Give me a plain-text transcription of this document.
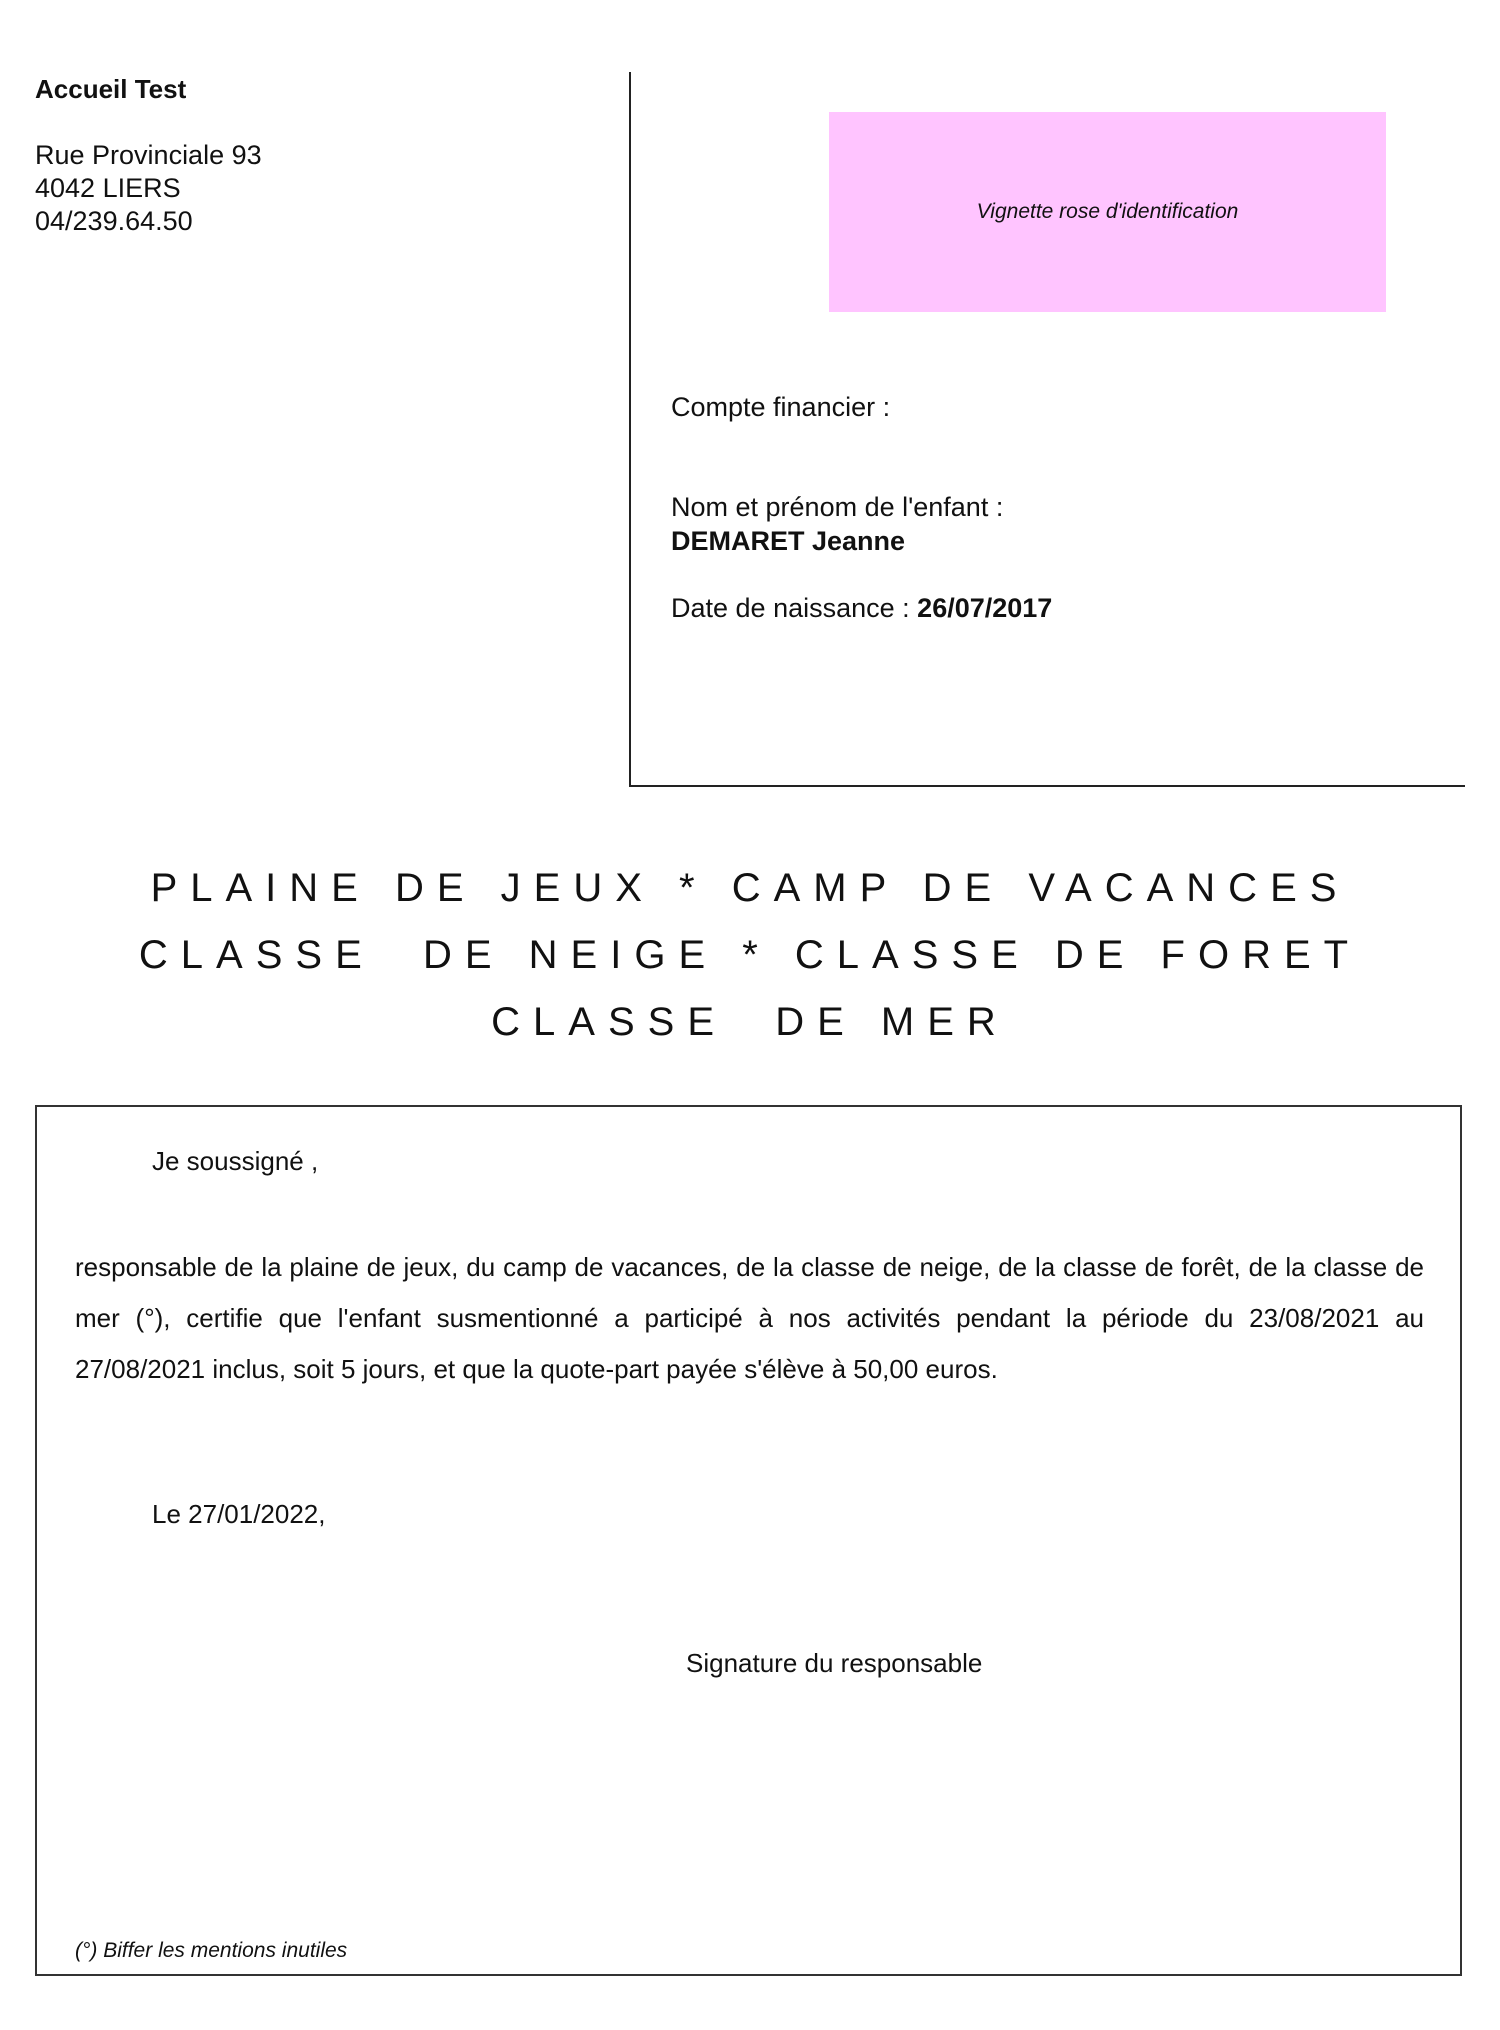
Accueil Test
Rue Provinciale 93
4042 LIERS
04/239.64.50	Vignette rose d'identification
Compte financier :
Nom et prénom de l'enfant :
DEMARET Jeanne
Date de naissance : 26/07/2017
PLAINE DE JEUX * CAMP DE VACANCES
CLASSE  DE NEIGE * CLASSE DE FORET
CLASSE  DE MER
Je soussigné ,
responsable de la plaine de jeux, du camp de vacances, de la classe de neige, de la classe de forêt, de la classe de mer (°), certifie que l'enfant susmentionné a participé à nos activités pendant la période du 23/08/2021 au 27/08/2021 inclus, soit 5 jours, et que la quote-part payée s'élève à 50,00 euros.
Le 27/01/2022,
Signature du responsable
(°) Biffer les mentions inutiles
